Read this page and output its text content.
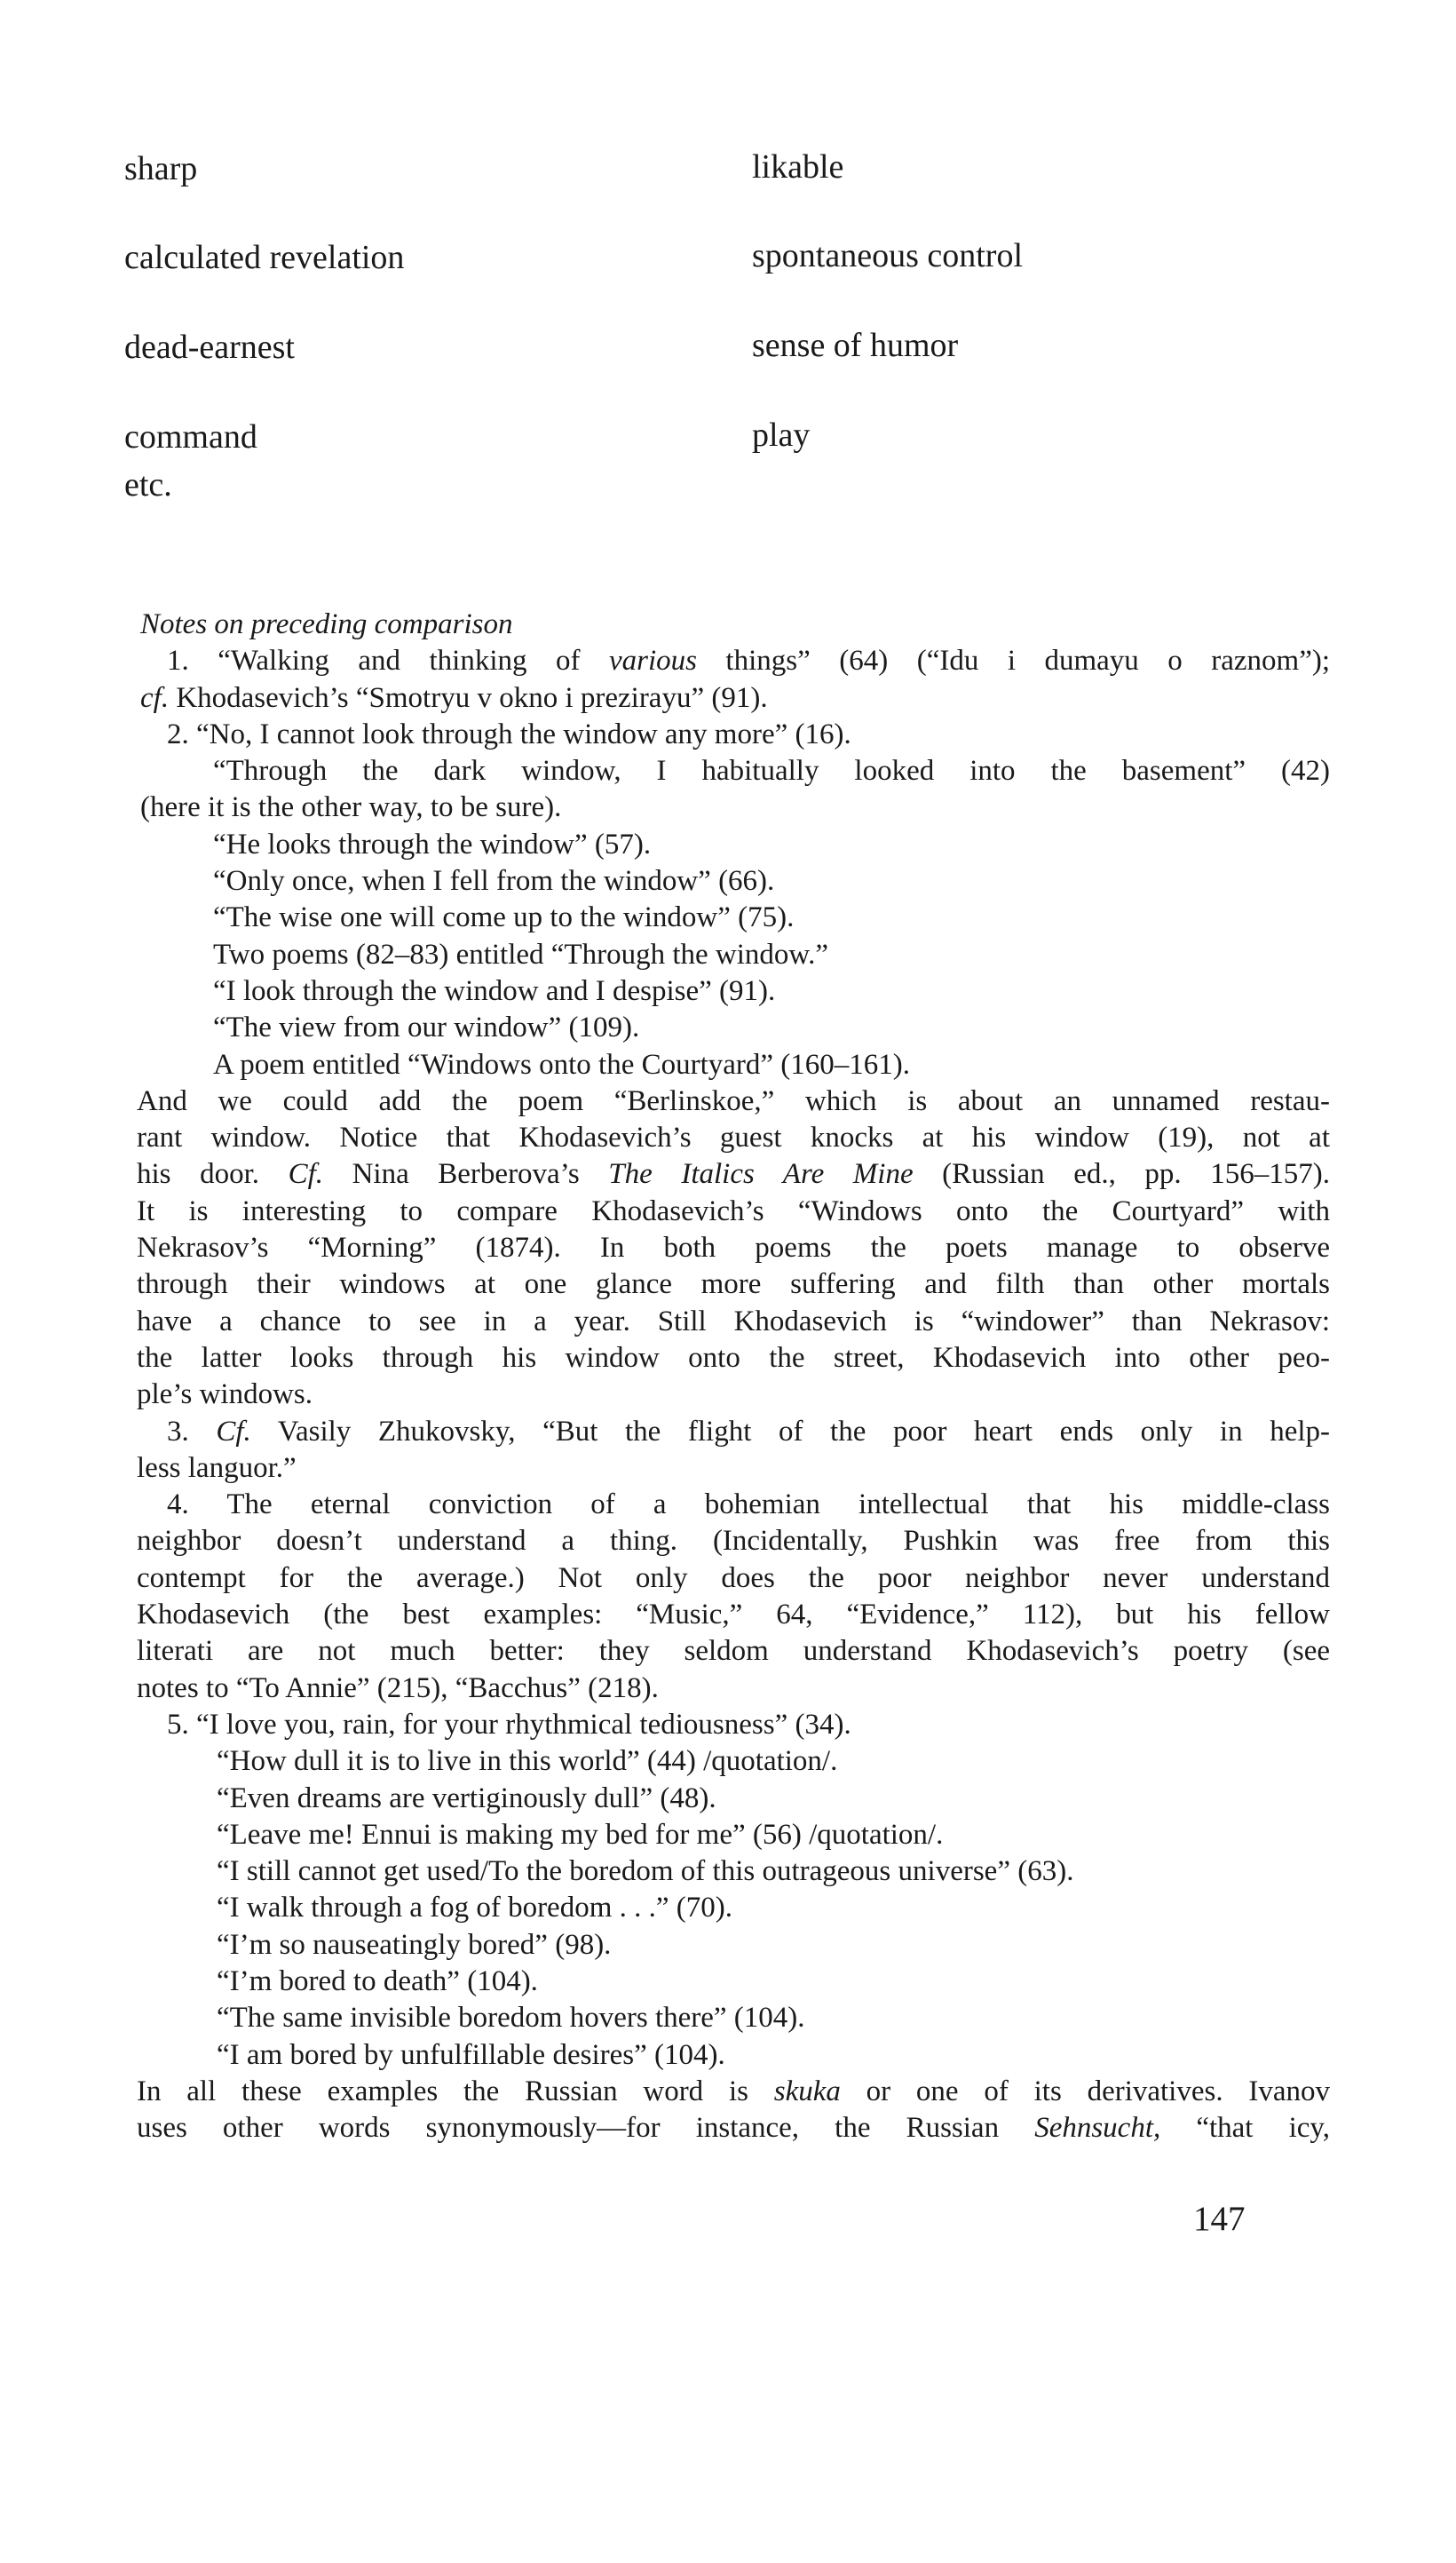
sharp	likable
calculated revelation	spontaneous control
dead-earnest	sense of humor
command	play
etc.
Notes on preceding comparison
1. “Walking and thinking of various things” (64) (“Idu i dumayu o raznom”);
cf. Khodasevich’s “Smotryu v okno i prezirayu” (91).
2. “No, I cannot look through the window any more” (16).
“Through the dark window, I habitually looked into the basement” (42)
(here it is the other way, to be sure).
“He looks through the window” (57).
“Only once, when I fell from the window” (66).
“The wise one will come up to the window” (75).
Two poems (82–83) entitled “Through the window.”
“I look through the window and I despise” (91).
“The view from our window” (109).
A poem entitled “Windows onto the Courtyard” (160–161).
And we could add the poem “Berlinskoe,” which is about an unnamed restau-
rant window. Notice that Khodasevich’s guest knocks at his window (19), not at
his door. Cf. Nina Berberova’s The Italics Are Mine (Russian ed., pp. 156–157).
It is interesting to compare Khodasevich’s “Windows onto the Courtyard” with
Nekrasov’s “Morning” (1874). In both poems the poets manage to observe
through their windows at one glance more suffering and filth than other mortals
have a chance to see in a year. Still Khodasevich is “windower” than Nekrasov:
the latter looks through his window onto the street, Khodasevich into other peo-
ple’s windows.
3. Cf. Vasily Zhukovsky, “But the flight of the poor heart ends only in help-
less languor.”
4. The eternal conviction of a bohemian intellectual that his middle-class
neighbor doesn’t understand a thing. (Incidentally, Pushkin was free from this
contempt for the average.) Not only does the poor neighbor never understand
Khodasevich (the best examples: “Music,” 64, “Evidence,” 112), but his fellow
literati are not much better: they seldom understand Khodasevich’s poetry (see
notes to “To Annie” (215), “Bacchus” (218).
5. “I love you, rain, for your rhythmical tediousness” (34).
“How dull it is to live in this world” (44) /quotation/.
“Even dreams are vertiginously dull” (48).
“Leave me! Ennui is making my bed for me” (56) /quotation/.
“I still cannot get used/To the boredom of this outrageous universe” (63).
“I walk through a fog of boredom . . .” (70).
“I’m so nauseatingly bored” (98).
“I’m bored to death” (104).
“The same invisible boredom hovers there” (104).
“I am bored by unfulfillable desires” (104).
In all these examples the Russian word is skuka or one of its derivatives. Ivanov
uses other words synonymously—for instance, the Russian Sehnsucht, “that icy,
147
